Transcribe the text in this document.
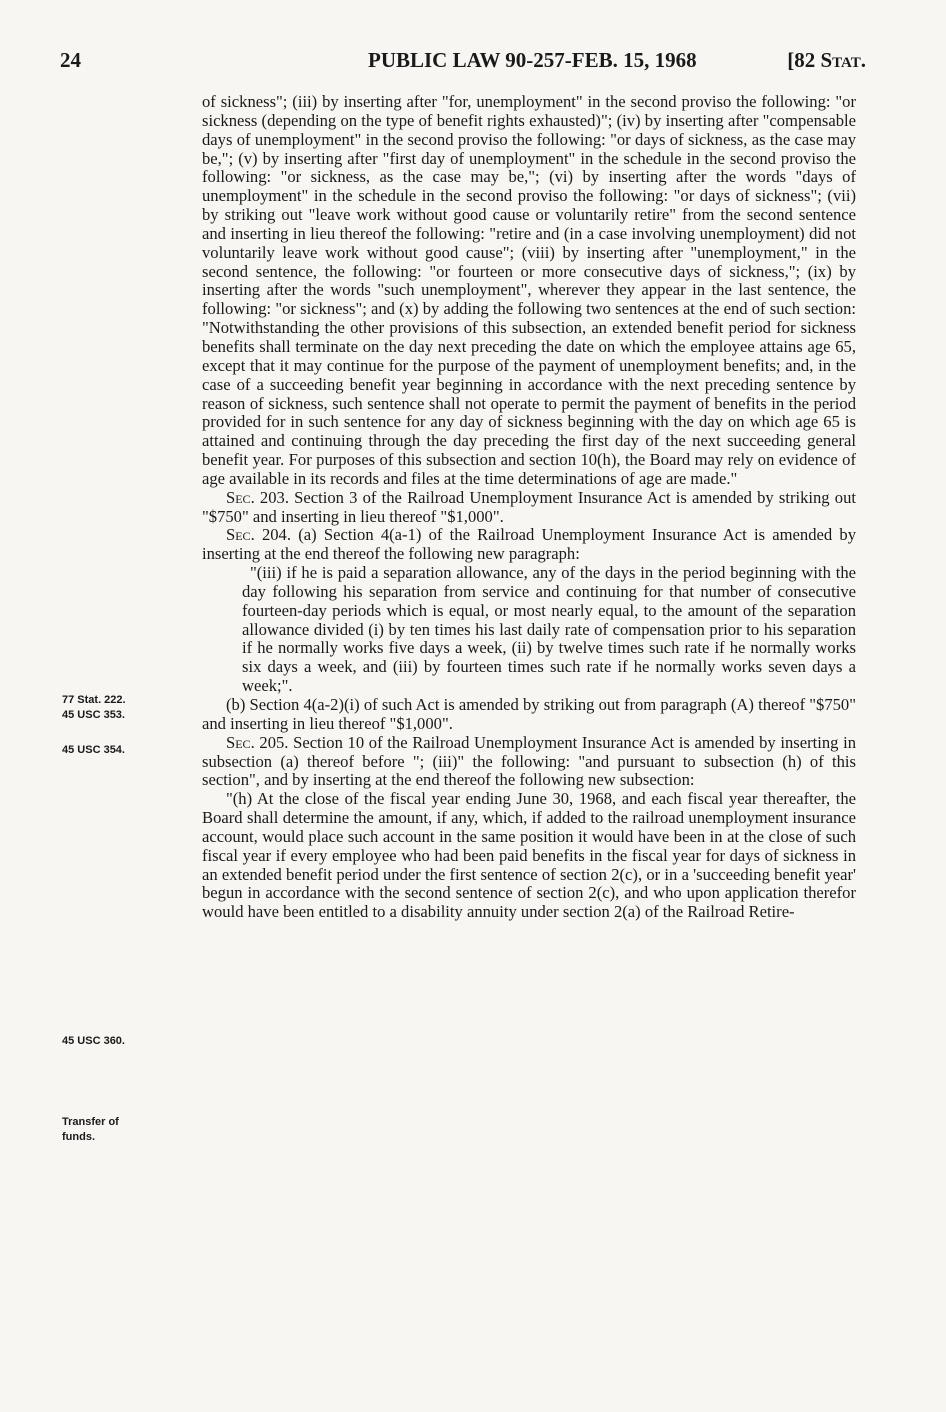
24	PUBLIC LAW 90-257-FEB. 15, 1968	[82 Stat.
77 Stat. 222.
45 USC 353.
45 USC 354.
45 USC 360.
Transfer of
funds.

of sickness"; (iii) by inserting after "for, unemployment" in the second proviso the following: "or sickness (depending on the type of benefit rights exhausted)"; (iv) by inserting after "compensable days of unemployment" in the second proviso the following: "or days of sickness, as the case may be,"; (v) by inserting after "first day of unemployment" in the schedule in the second proviso the following: "or sickness, as the case may be,"; (vi) by inserting after the words "days of unemployment" in the schedule in the second proviso the following: "or days of sickness"; (vii) by striking out "leave work without good cause or voluntarily retire" from the second sentence and inserting in lieu thereof the following: "retire and (in a case involving unemployment) did not voluntarily leave work without good cause"; (viii) by inserting after "unemployment," in the second sentence, the following: "or fourteen or more consecutive days of sickness,"; (ix) by inserting after the words "such unemployment", wherever they appear in the last sentence, the following: "or sickness"; and (x) by adding the following two sentences at the end of such section: "Notwithstanding the other provisions of this subsection, an extended benefit period for sickness benefits shall terminate on the day next preceding the date on which the employee attains age 65, except that it may continue for the purpose of the payment of unemployment benefits; and, in the case of a succeeding benefit year beginning in accordance with the next preceding sentence by reason of sickness, such sentence shall not operate to permit the payment of benefits in the period provided for in such sentence for any day of sickness beginning with the day on which age 65 is attained and continuing through the day preceding the first day of the next succeeding general benefit year. For purposes of this subsection and section 10(h), the Board may rely on evidence of age available in its records and files at the time determinations of age are made."

Sec. 203. Section 3 of the Railroad Unemployment Insurance Act is amended by striking out "$750" and inserting in lieu thereof "$1,000".

Sec. 204. (a) Section 4(a-1) of the Railroad Unemployment Insurance Act is amended by inserting at the end thereof the following new paragraph:

"(iii) if he is paid a separation allowance, any of the days in the period beginning with the day following his separation from service and continuing for that number of consecutive fourteen-day periods which is equal, or most nearly equal, to the amount of the separation allowance divided (i) by ten times his last daily rate of compensation prior to his separation if he normally works five days a week, (ii) by twelve times such rate if he normally works six days a week, and (iii) by fourteen times such rate if he normally works seven days a week;".

(b) Section 4(a-2)(i) of such Act is amended by striking out from paragraph (A) thereof "$750" and inserting in lieu thereof "$1,000".

Sec. 205. Section 10 of the Railroad Unemployment Insurance Act is amended by inserting in subsection (a) thereof before "; (iii)" the following: "and pursuant to subsection (h) of this section", and by inserting at the end thereof the following new subsection:

"(h) At the close of the fiscal year ending June 30, 1968, and each fiscal year thereafter, the Board shall determine the amount, if any, which, if added to the railroad unemployment insurance account, would place such account in the same position it would have been in at the close of such fiscal year if every employee who had been paid benefits in the fiscal year for days of sickness in an extended benefit period under the first sentence of section 2(c), or in a 'succeeding benefit year' begun in accordance with the second sentence of section 2(c), and who upon application therefor would have been entitled to a disability annuity under section 2(a) of the Railroad Retire-
